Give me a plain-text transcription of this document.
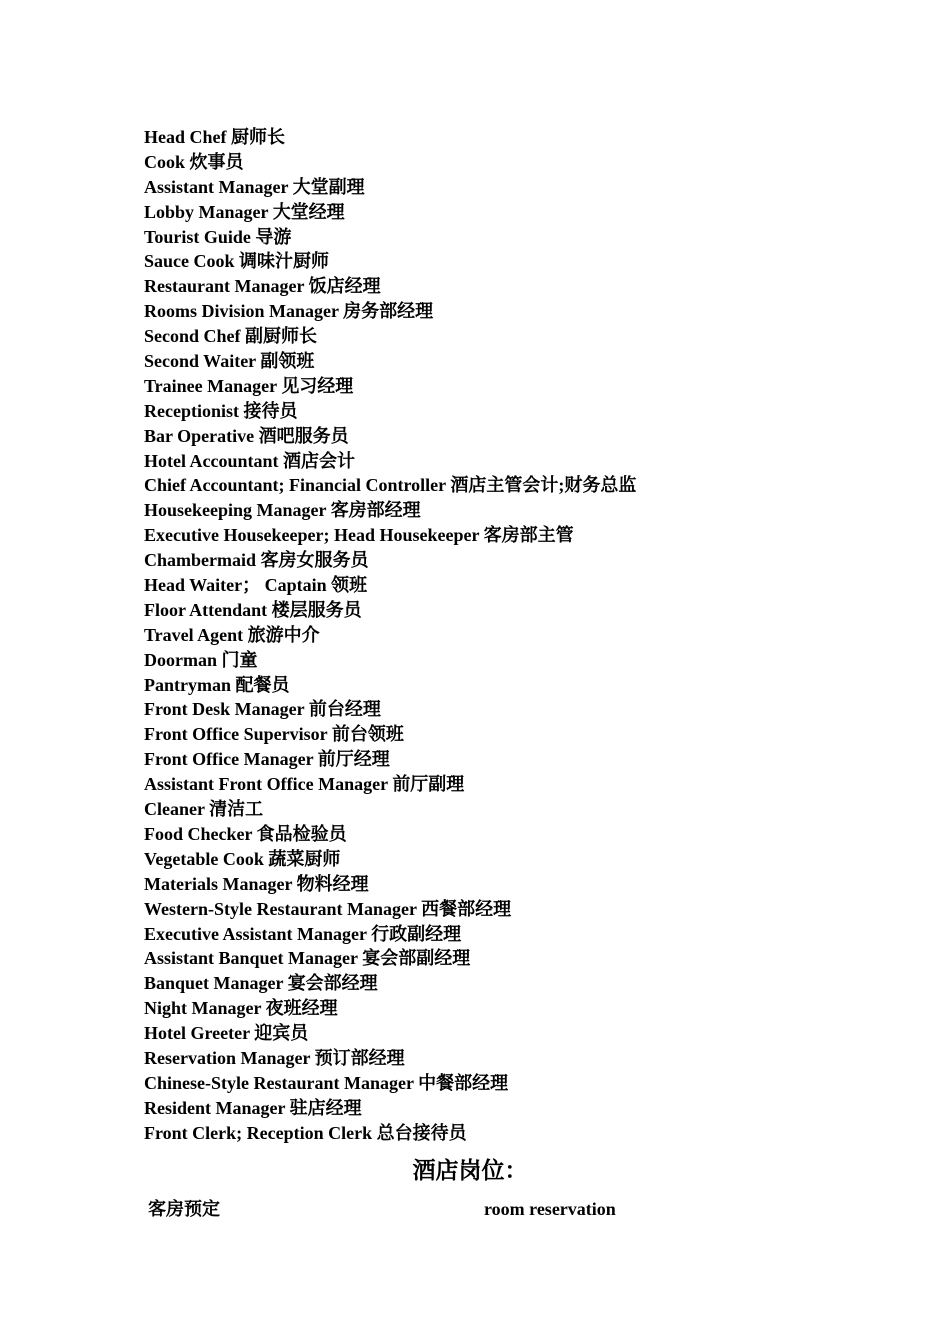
Head Chef 厨师长
Cook 炊事员
Assistant Manager 大堂副理
Lobby Manager 大堂经理
Tourist Guide 导游
Sauce Cook 调味汁厨师
Restaurant Manager 饭店经理
Rooms Division Manager 房务部经理
Second Chef 副厨师长
Second Waiter 副领班
Trainee Manager 见习经理
Receptionist 接待员
Bar Operative 酒吧服务员
Hotel Accountant 酒店会计
Chief Accountant; Financial Controller 酒店主管会计;财务总监
Housekeeping Manager 客房部经理
Executive Housekeeper; Head Housekeeper 客房部主管
Chambermaid 客房女服务员
Head Waiter； Captain 领班
Floor Attendant 楼层服务员
Travel Agent 旅游中介
Doorman 门童
Pantryman 配餐员
Front Desk Manager 前台经理
Front Office Supervisor 前台领班
Front Office Manager 前厅经理
Assistant Front Office Manager 前厅副理
Cleaner 清洁工
Food Checker 食品检验员
Vegetable Cook 蔬菜厨师
Materials Manager 物料经理
Western-Style Restaurant Manager 西餐部经理
Executive Assistant Manager 行政副经理
Assistant Banquet Manager 宴会部副经理
Banquet Manager 宴会部经理
Night Manager 夜班经理
Hotel Greeter 迎宾员
Reservation Manager 预订部经理
Chinese-Style Restaurant Manager 中餐部经理
Resident Manager 驻店经理
Front Clerk; Reception Clerk 总台接待员
酒店岗位：
客房预定	room reservation
